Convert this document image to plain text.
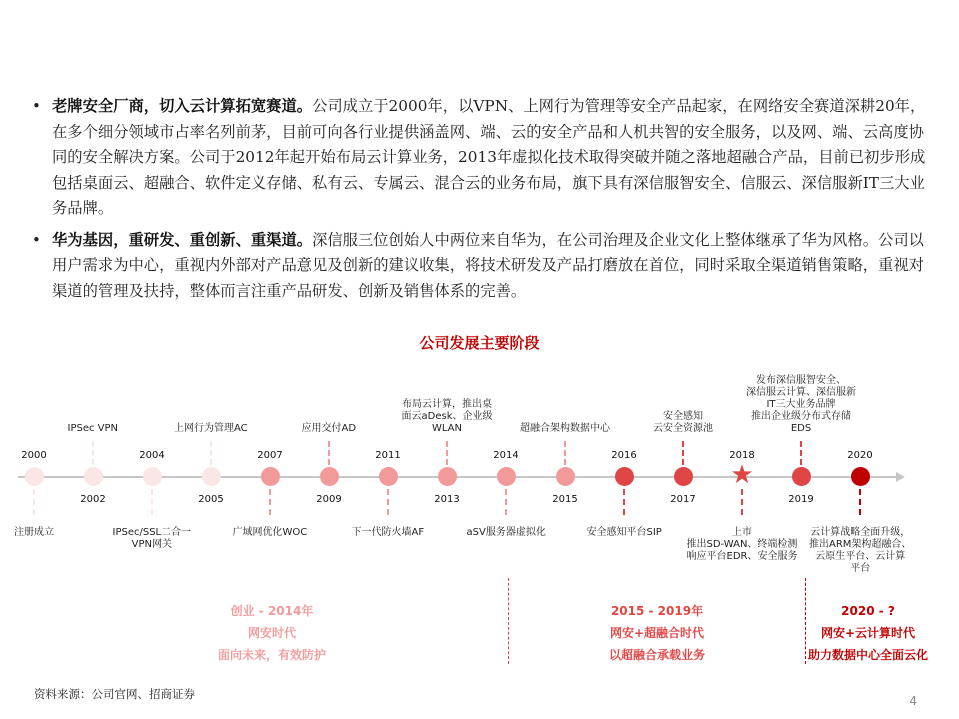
• 老牌安全厂商，切入云计算拓宽赛道。公司成立于2000年，以VPN、上网行为管理等安全产品起家，在网络安全赛道深耕20年，在多个细分领域市占率名列前茅，目前可向各行业提供涵盖网、端、云的安全产品和人机共智的安全服务，以及网、端、云高度协同的安全解决方案。公司于2012年起开始布局云计算业务，2013年虚拟化技术取得突破并随之落地超融合产品，目前已初步形成包括桌面云、超融合、软件定义存储、私有云、专属云、混合云的业务布局，旗下具有深信服智安全、信服云、深信服新IT三大业务品牌。
• 华为基因，重研发、重创新、重渠道。深信服三位创始人中两位来自华为，在公司治理及企业文化上整体继承了华为风格。公司以用户需求为中心，重视内外部对产品意见及创新的建议收集，将技术研发及产品打磨放在首位，同时采取全渠道销售策略，重视对渠道的管理及扶持，整体而言注重产品研发、创新及销售体系的完善。
公司发展主要阶段
2000
注册成立
2002
IPSec VPN
2004
IPSec/SSL二合一
VPN网关
2005
上网行为管理AC
2007
广域网优化WOC
2009
应用交付AD
2011
下一代防火墙AF
2013
布局云计算，推出桌
面云aDesk、企业级
WLAN
2014
aSV服务器虚拟化
2015
超融合架构数据中心
2016
安全感知平台SIP
2017
安全感知
云安全资源池
★
2018
上市
推出SD-WAN、终端检测
响应平台EDR、安全服务
2019
发布深信服智安全、
深信服云计算、深信服新
IT三大业务品牌
推出企业级分布式存储
EDS
2020
云计算战略全面升级，
推出ARM架构超融合、
云原生平台、云计算
平台
创业 - 2014年
网安时代
面向未来，有效防护
2015 - 2019年
网安+超融合时代
以超融合承载业务
2020 - ?
网安+云计算时代
助力数据中心全面云化
资料来源：公司官网、招商证券	4
